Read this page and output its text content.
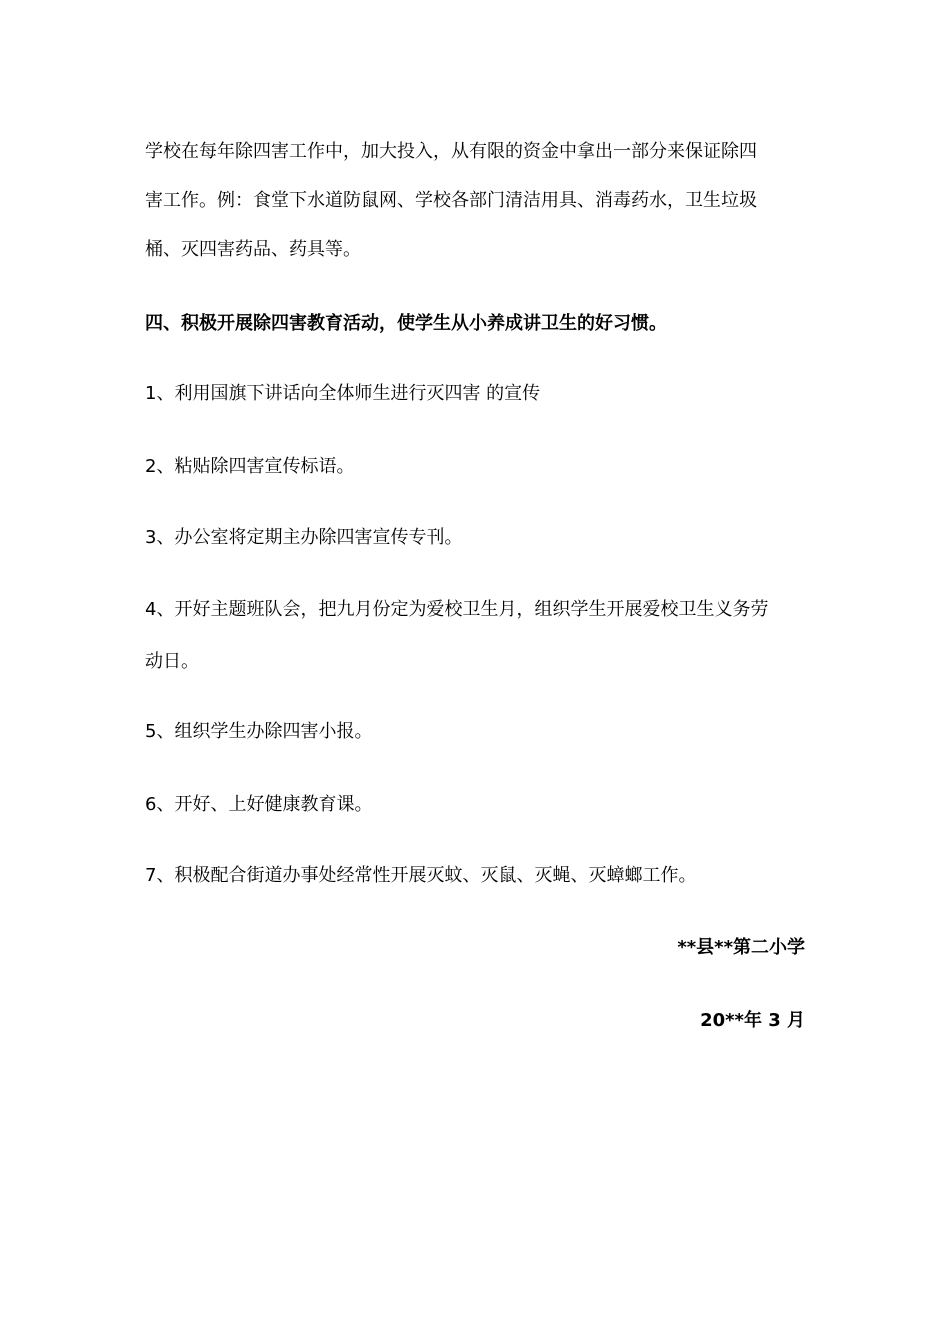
学校在每年除四害工作中，加大投入，从有限的资金中拿出一部分来保证除四
害工作。例：食堂下水道防鼠网、学校各部门清洁用具、消毒药水，卫生垃圾
桶、灭四害药品、药具等。
四、积极开展除四害教育活动，使学生从小养成讲卫生的好习惯。
1、利用国旗下讲话向全体师生进行灭四害 的宣传
2、粘贴除四害宣传标语。
3、办公室将定期主办除四害宣传专刊。
4、开好主题班队会，把九月份定为爱校卫生月，组织学生开展爱校卫生义务劳
动日。
5、组织学生办除四害小报。
6、开好、上好健康教育课。
7、积极配合街道办事处经常性开展灭蚊、灭鼠、灭蝇、灭蟑螂工作。
**县**第二小学
20**年 3 月
